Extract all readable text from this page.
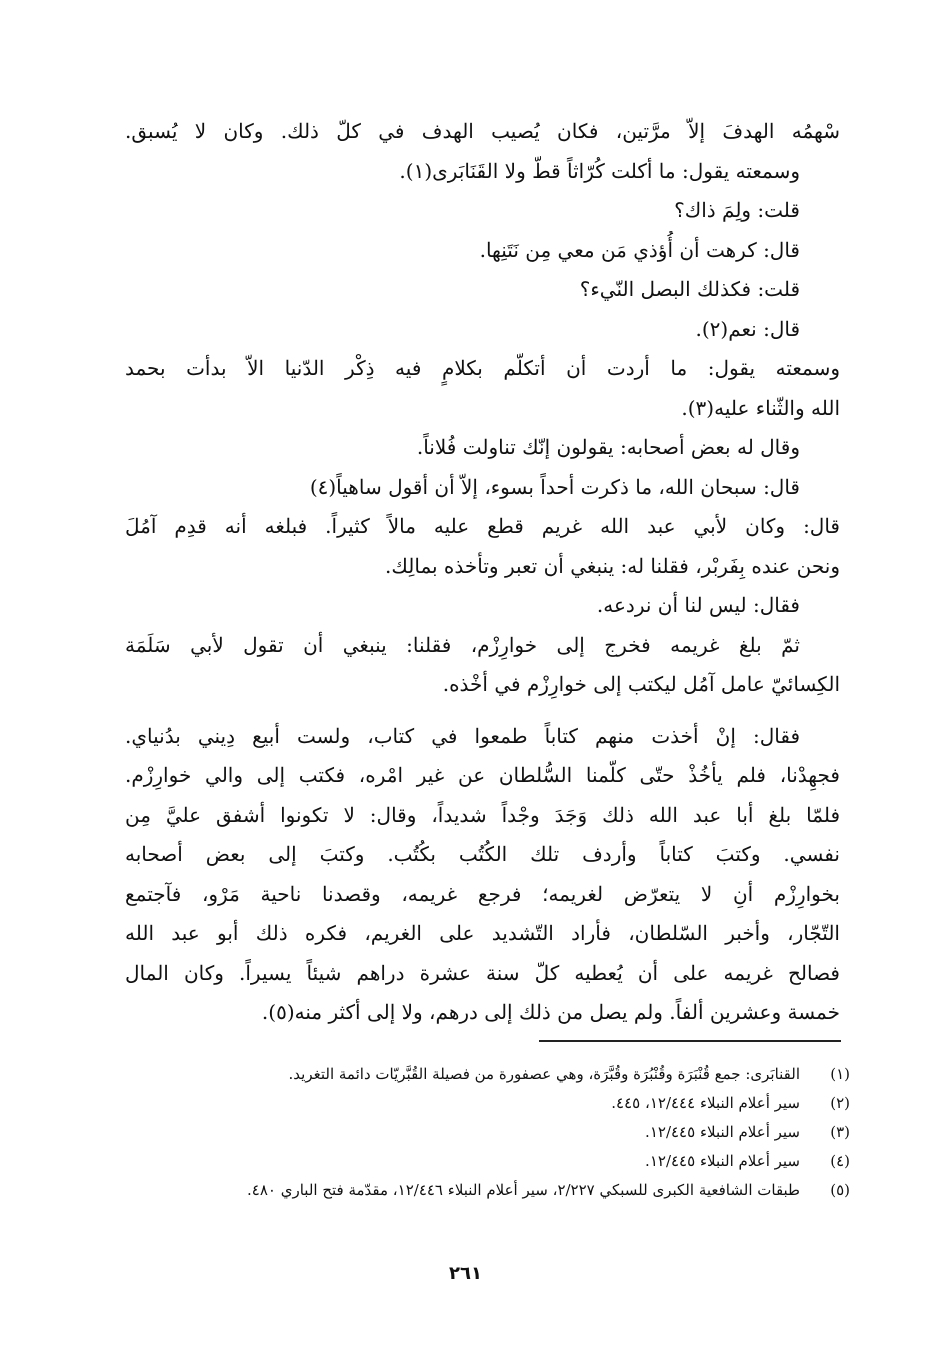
سْهمُه الهدفَ إلاّ مرَّتين، فكان يُصيب الهدف في كلّ ذلك. وكان لا يُسبق.

وسمعته يقول: ما أكلت كُرّاثاً قطّ ولا القَنَابَرى(١).

قلت: ولِمَ ذاك؟

قال: كرهت أن أُؤذي مَن معي مِن نَتَنِها.

قلت: فكذلك البصل النّيء؟

قال: نعم(٢).

وسمعته يقول: ما أردت أن أتكلّم بكلامٍ فيه ذِكْر الدّنيا الاّ بدأت بحمد

الله والثّناء عليه(٣).

وقال له بعض أصحابه: يقولون إنّك تناولت فُلاناً.

قال: سبحان الله، ما ذكرت أحداً بسوء، إلاّ أن أقول ساهياً(٤)

قال: وكان لأبي عبد الله غريم قطع عليه مالاً كثيراً. فبلغه أنه قدِم آمُلَ

ونحن عنده بِفَربْر، فقلنا له: ينبغي أن تعبر وتأخذه بمالِك.

فقال: ليس لنا أن نردعه.

ثمّ بلغ غريمه فخرج إلى خوارِزْم، فقلنا: ينبغي أن تقول لأبي سَلَمَة

الكِسائيّ عامل آمُل ليكتب إلى خوارِزْم في أخْذه.

فقال: إنْ أخذت منهم كتاباً طمعوا في كتاب، ولست أبيع دِيني بدُنياي.

فجهِدْنا، فلم يأخُذْ حتّى كلّمنا السُّلطان عن غير امْره، فكتب إلى والي خوارِزْم.

فلمّا بلغ أبا عبد الله ذلك وَجَدَ وجْداً شديداً، وقال: لا تكونوا أشفق عليَّ مِن

نفسي. وكتبَ كتاباً وأردف تلك الكُتُب بكُتُب. وكتبَ إلى بعض أصحابه

بخوارِزْم أنِ لا يتعرّض لغريمه؛ فرجع غريمه، وقصدنا ناحية مَرْو، فآجتمع

التّجّار، وأخبر السّلطان، فأراد التّشديد على الغريم، فكره ذلك أبو عبد الله

فصالح غريمه على أن يُعطيه كلّ سنة عشرة دراهم شيئاً يسيراً. وكان المال

خمسة وعشرين ألفاً. ولم يصل من ذلك إلى درهم، ولا إلى أكثر منه(٥).

(١)
القنابَرى: جمع قُنْبَرَة وقُنْبُرَة وقُبَّرَة، وهي عصفورة من فصيلة القُبَّريّات دائمة التغريد.
(٢)
سير أعلام النبلاء ١٢/٤٤٤، ٤٤٥.
(٣)
سير أعلام النبلاء ١٢/٤٤٥.
(٤)
سير أعلام النبلاء ١٢/٤٤٥.
(٥)
طبقات الشافعية الكبرى للسبكي ٢/٢٢٧، سير أعلام النبلاء ١٢/٤٤٦، مقدّمة فتح الباري ٤٨٠.
٢٦١
